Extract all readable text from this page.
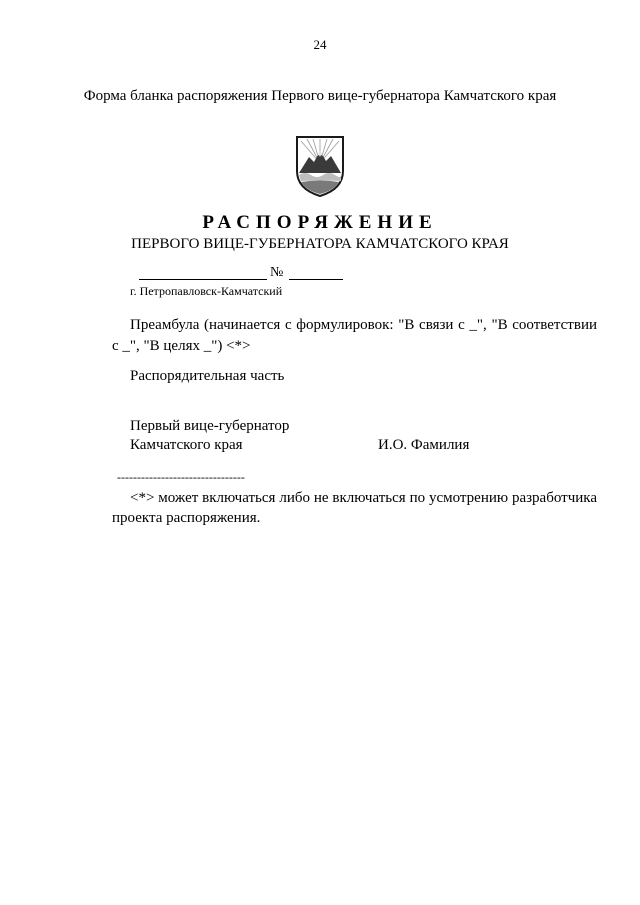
24
Форма бланка распоряжения Первого вице-губернатора Камчатского края
РАСПОРЯЖЕНИЕ
ПЕРВОГО ВИЦЕ-ГУБЕРНАТОРА КАМЧАТСКОГО КРАЯ
№
г. Петропавловск-Камчатский
Преамбула (начинается с формулировок: "В связи с _", "В соответствии с _", "В целях _") <*>
Распорядительная часть
Первый вице-губернатор
Камчатского края	И.О. Фамилия
--------------------------------
<*> может включаться либо не включаться по усмотрению разработчика проекта распоряжения.
